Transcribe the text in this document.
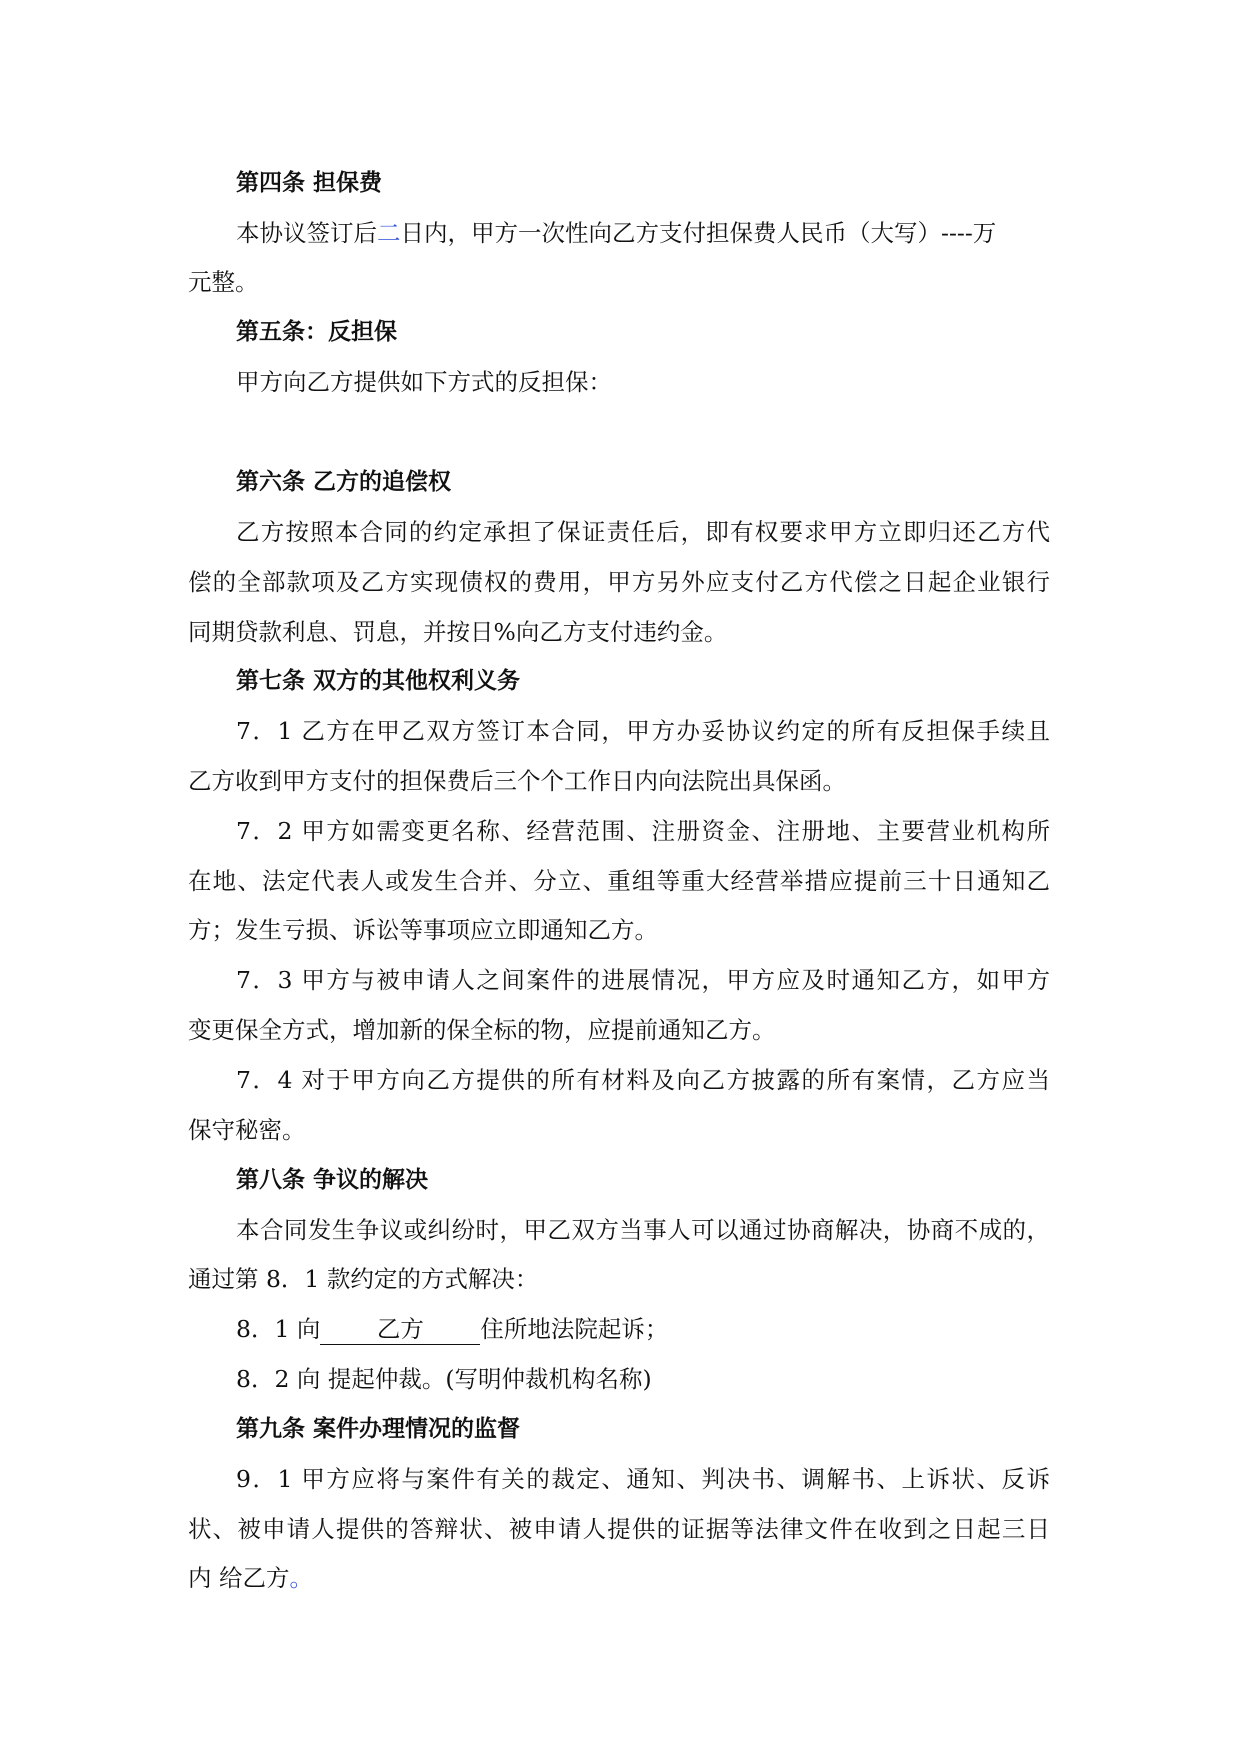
第四条 担保费
本协议签订后二日内，甲方一次性向乙方支付担保费人民币（大写）----万
元整。
第五条：反担保
甲方向乙方提供如下方式的反担保：
第六条 乙方的追偿权
乙方按照本合同的约定承担了保证责任后，即有权要求甲方立即归还乙方代
偿的全部款项及乙方实现债权的费用，甲方另外应支付乙方代偿之日起企业银行
同期贷款利息、罚息，并按日%向乙方支付违约金。
第七条 双方的其他权利义务
7．1 乙方在甲乙双方签订本合同，甲方办妥协议约定的所有反担保手续且
乙方收到甲方支付的担保费后三个个工作日内向法院出具保函。
7．2 甲方如需变更名称、经营范围、注册资金、注册地、主要营业机构所
在地、法定代表人或发生合并、分立、重组等重大经营举措应提前三十日通知乙
方；发生亏损、诉讼等事项应立即通知乙方。
7．3 甲方与被申请人之间案件的进展情况，甲方应及时通知乙方，如甲方
变更保全方式，增加新的保全标的物，应提前通知乙方。
7．4 对于甲方向乙方提供的所有材料及向乙方披露的所有案情，乙方应当
保守秘密。
第八条 争议的解决
本合同发生争议或纠纷时，甲乙双方当事人可以通过协商解决，协商不成的，
通过第 8．1 款约定的方式解决：
8．1 向 乙方 住所地法院起诉；
8．2 向 提起仲裁。(写明仲裁机构名称)
第九条 案件办理情况的监督
9．1 甲方应将与案件有关的裁定、通知、判决书、调解书、上诉状、反诉
状、被申请人提供的答辩状、被申请人提供的证据等法律文件在收到之日起三日
内 给乙方。
